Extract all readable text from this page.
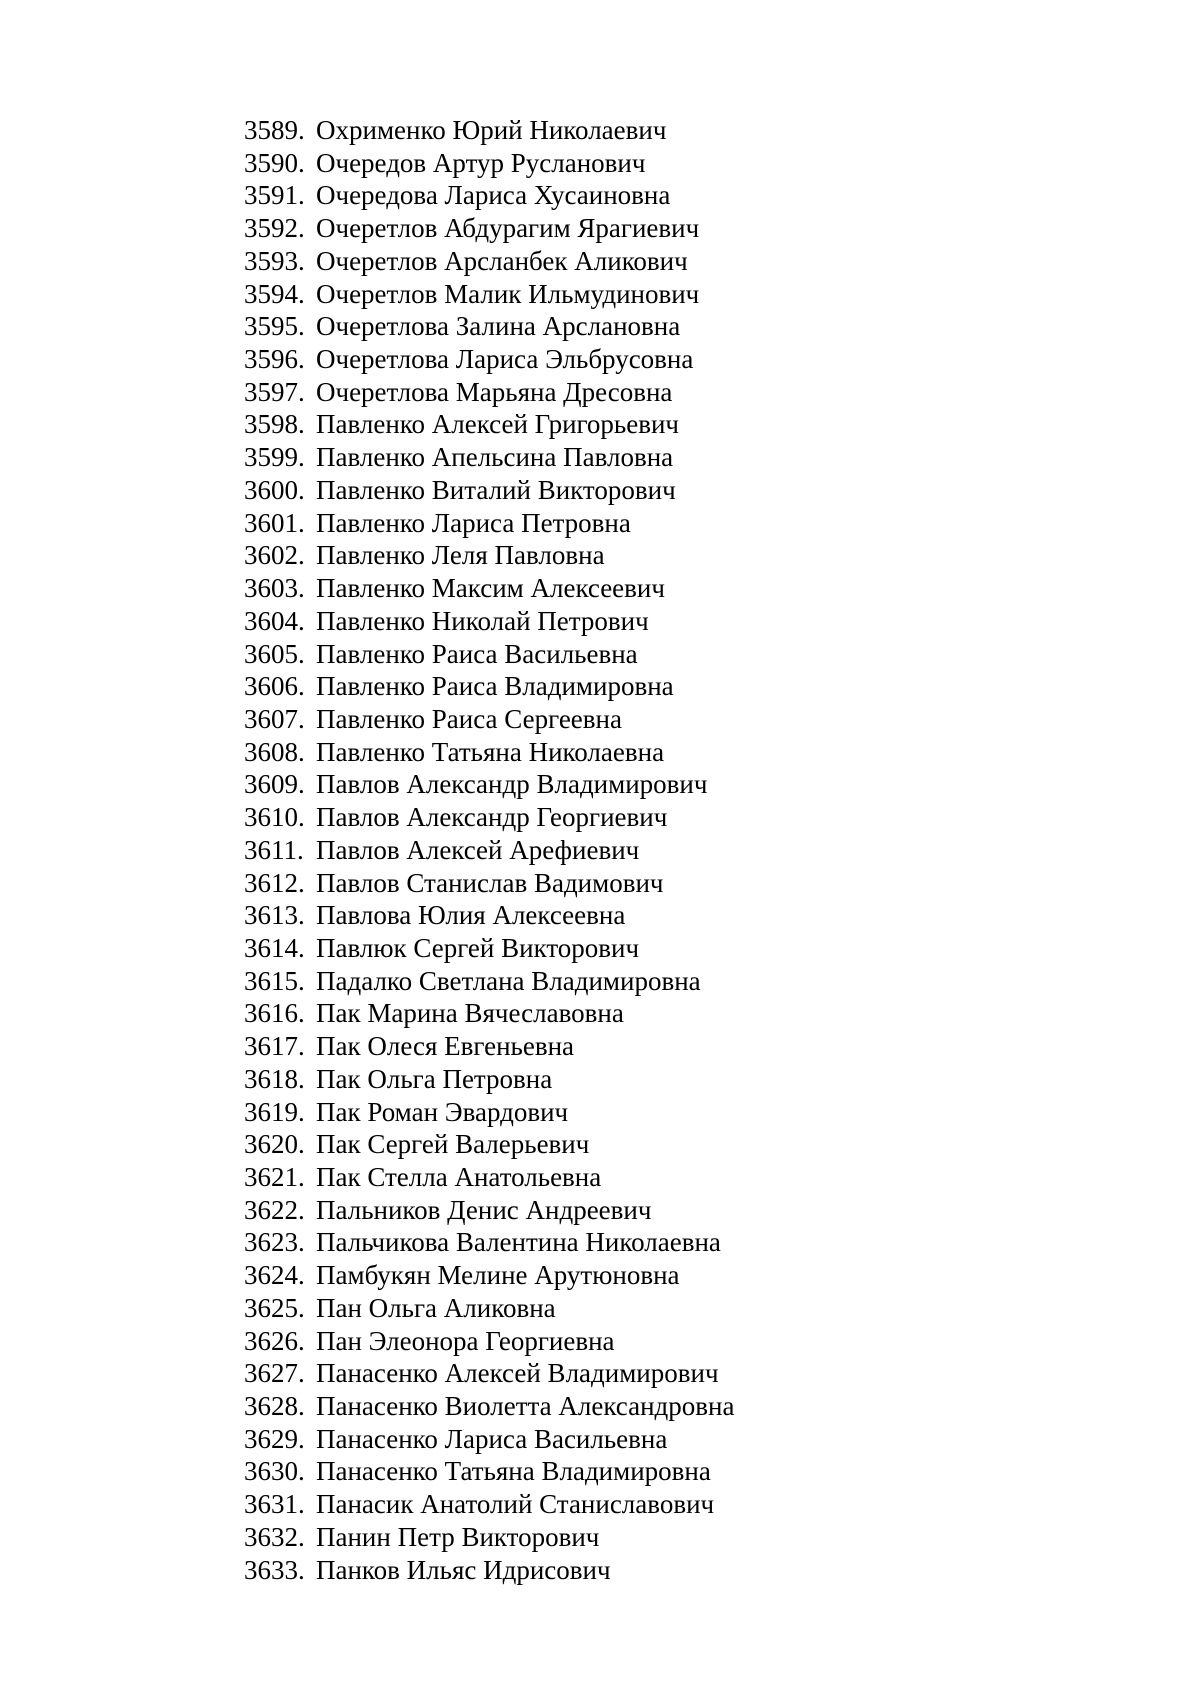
3589. Охрименко Юрий Николаевич
3590. Очередов Артур Русланович
3591. Очередова Лариса Хусаиновна
3592. Очеретлов Абдурагим Ярагиевич
3593. Очеретлов Арсланбек Аликович
3594. Очеретлов Малик Ильмудинович
3595. Очеретлова Залина Арслановна
3596. Очеретлова Лариса Эльбрусовна
3597. Очеретлова Марьяна Дресовна
3598. Павленко Алексей Григорьевич
3599. Павленко Апельсина Павловна
3600. Павленко Виталий Викторович
3601. Павленко Лариса Петровна
3602. Павленко Леля Павловна
3603. Павленко Максим Алексеевич
3604. Павленко Николай Петрович
3605. Павленко Раиса Васильевна
3606. Павленко Раиса Владимировна
3607. Павленко Раиса Сергеевна
3608. Павленко Татьяна Николаевна
3609. Павлов Александр Владимирович
3610. Павлов Александр Георгиевич
3611. Павлов Алексей Арефиевич
3612. Павлов Станислав Вадимович
3613. Павлова Юлия Алексеевна
3614. Павлюк Сергей Викторович
3615. Падалко Светлана Владимировна
3616. Пак Марина Вячеславовна
3617. Пак Олеся Евгеньевна
3618. Пак Ольга Петровна
3619. Пак Роман Эвардович
3620. Пак Сергей Валерьевич
3621. Пак Стелла Анатольевна
3622. Пальников Денис Андреевич
3623. Пальчикова Валентина Николаевна
3624. Памбукян Мелине Арутюновна
3625. Пан Ольга Аликовна
3626. Пан Элеонора Георгиевна
3627. Панасенко Алексей Владимирович
3628. Панасенко Виолетта Александровна
3629. Панасенко Лариса Васильевна
3630. Панасенко Татьяна Владимировна
3631. Панасик Анатолий Станиславович
3632. Панин Петр Викторович
3633. Панков Ильяс Идрисович
